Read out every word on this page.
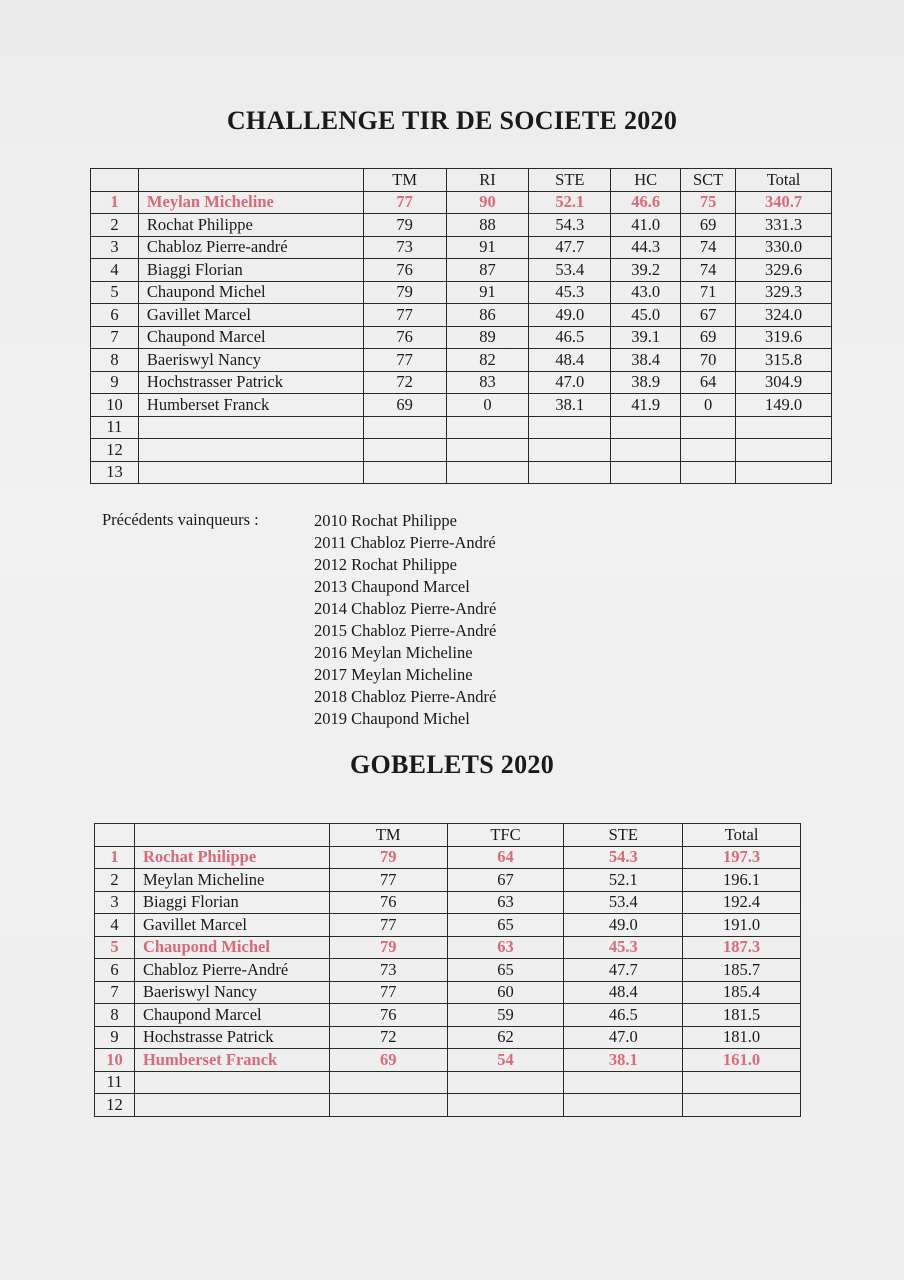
CHALLENGE TIR DE SOCIETE 2020
		TM	RI	STE	HC	SCT	Total
1	Meylan Micheline	77	90	52.1	46.6	75	340.7
2	Rochat Philippe	79	88	54.3	41.0	69	331.3
3	Chabloz Pierre-andré	73	91	47.7	44.3	74	330.0
4	Biaggi Florian	76	87	53.4	39.2	74	329.6
5	Chaupond Michel	79	91	45.3	43.0	71	329.3
6	Gavillet Marcel	77	86	49.0	45.0	67	324.0
7	Chaupond Marcel	76	89	46.5	39.1	69	319.6
8	Baeriswyl Nancy	77	82	48.4	38.4	70	315.8
9	Hochstrasser Patrick	72	83	47.0	38.9	64	304.9
10	Humberset Franck	69	0	38.1	41.9	0	149.0
11							
12							
13							
Précédents vainqueurs :	2010 Rochat Philippe
2011 Chabloz Pierre-André
2012 Rochat Philippe
2013 Chaupond Marcel
2014 Chabloz Pierre-André
2015 Chabloz Pierre-André
2016 Meylan Micheline
2017 Meylan Micheline
2018 Chabloz Pierre-André
2019 Chaupond Michel
GOBELETS 2020
		TM	TFC	STE	Total
1	Rochat Philippe	79	64	54.3	197.3
2	Meylan Micheline	77	67	52.1	196.1
3	Biaggi Florian	76	63	53.4	192.4
4	Gavillet Marcel	77	65	49.0	191.0
5	Chaupond Michel	79	63	45.3	187.3
6	Chabloz Pierre-André	73	65	47.7	185.7
7	Baeriswyl Nancy	77	60	48.4	185.4
8	Chaupond Marcel	76	59	46.5	181.5
9	Hochstrasse Patrick	72	62	47.0	181.0
10	Humberset Franck	69	54	38.1	161.0
11					
12					
